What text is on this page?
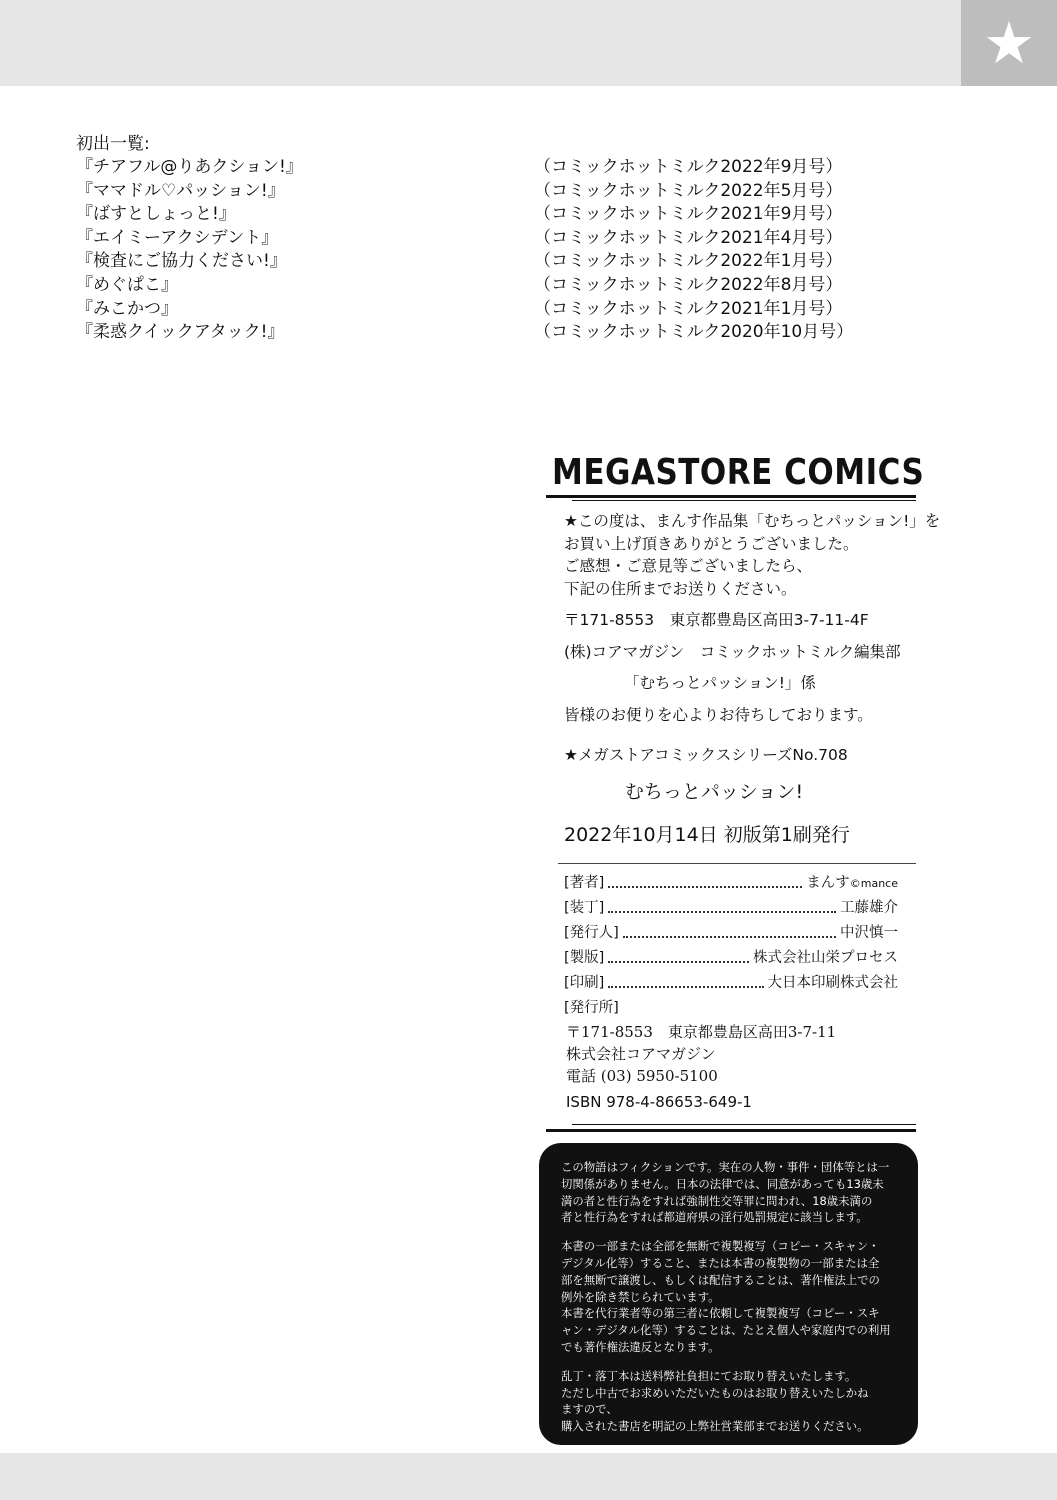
★
初出一覧:
『チアフル@りあクション!』	（コミックホットミルク2022年9月号）
『ママドル♡パッション!』	（コミックホットミルク2022年5月号）
『ばすとしょっと!』	（コミックホットミルク2021年9月号）
『エイミーアクシデント』	（コミックホットミルク2021年4月号）
『検査にご協力ください!』	（コミックホットミルク2022年1月号）
『めぐぱこ』	（コミックホットミルク2022年8月号）
『みこかつ』	（コミックホットミルク2021年1月号）
『柔惑クイックアタック!』	（コミックホットミルク2020年10月号）
MEGASTORE COMICS
★この度は、まんす作品集「むちっとパッション!」を
お買い上げ頂きありがとうございました。
ご感想・ご意見等ございましたら、
下記の住所までお送りください。
〒171-8553　東京都豊島区高田3-7-11-4F
(株)コアマガジン　コミックホットミルク編集部
「むちっとパッション!」係
皆様のお便りを心よりお待ちしております。
★メガストアコミックスシリーズNo.708
むちっとパッション!
2022年10月14日 初版第1刷発行
[著者]	まんす©mance
[装丁]	工藤雄介
[発行人]	中沢慎一
[製版]	株式会社山栄プロセス
[印刷]	大日本印刷株式会社
[発行所]
〒171-8553　東京都豊島区高田3-7-11
株式会社コアマガジン
電話 (03) 5950-5100
ISBN 978-4-86653-649-1

この物語はフィクションです。実在の人物・事件・団体等とは一

切関係がありません。日本の法律では、同意があっても13歳未

満の者と性行為をすれば強制性交等罪に問われ、18歳未満の

者と性行為をすれば都道府県の淫行処罰規定に該当します。

本書の一部または全部を無断で複製複写（コピー・スキャン・

デジタル化等）すること、または本書の複製物の一部または全

部を無断で譲渡し、もしくは配信することは、著作権法上での

例外を除き禁じられています。

本書を代行業者等の第三者に依頼して複製複写（コピー・スキ

ャン・デジタル化等）することは、たとえ個人や家庭内での利用

でも著作権法違反となります。

乱丁・落丁本は送料弊社負担にてお取り替えいたします。

ただし中古でお求めいただいたものはお取り替えいたしかね

ますので、

購入された書店を明記の上弊社営業部までお送りください。
